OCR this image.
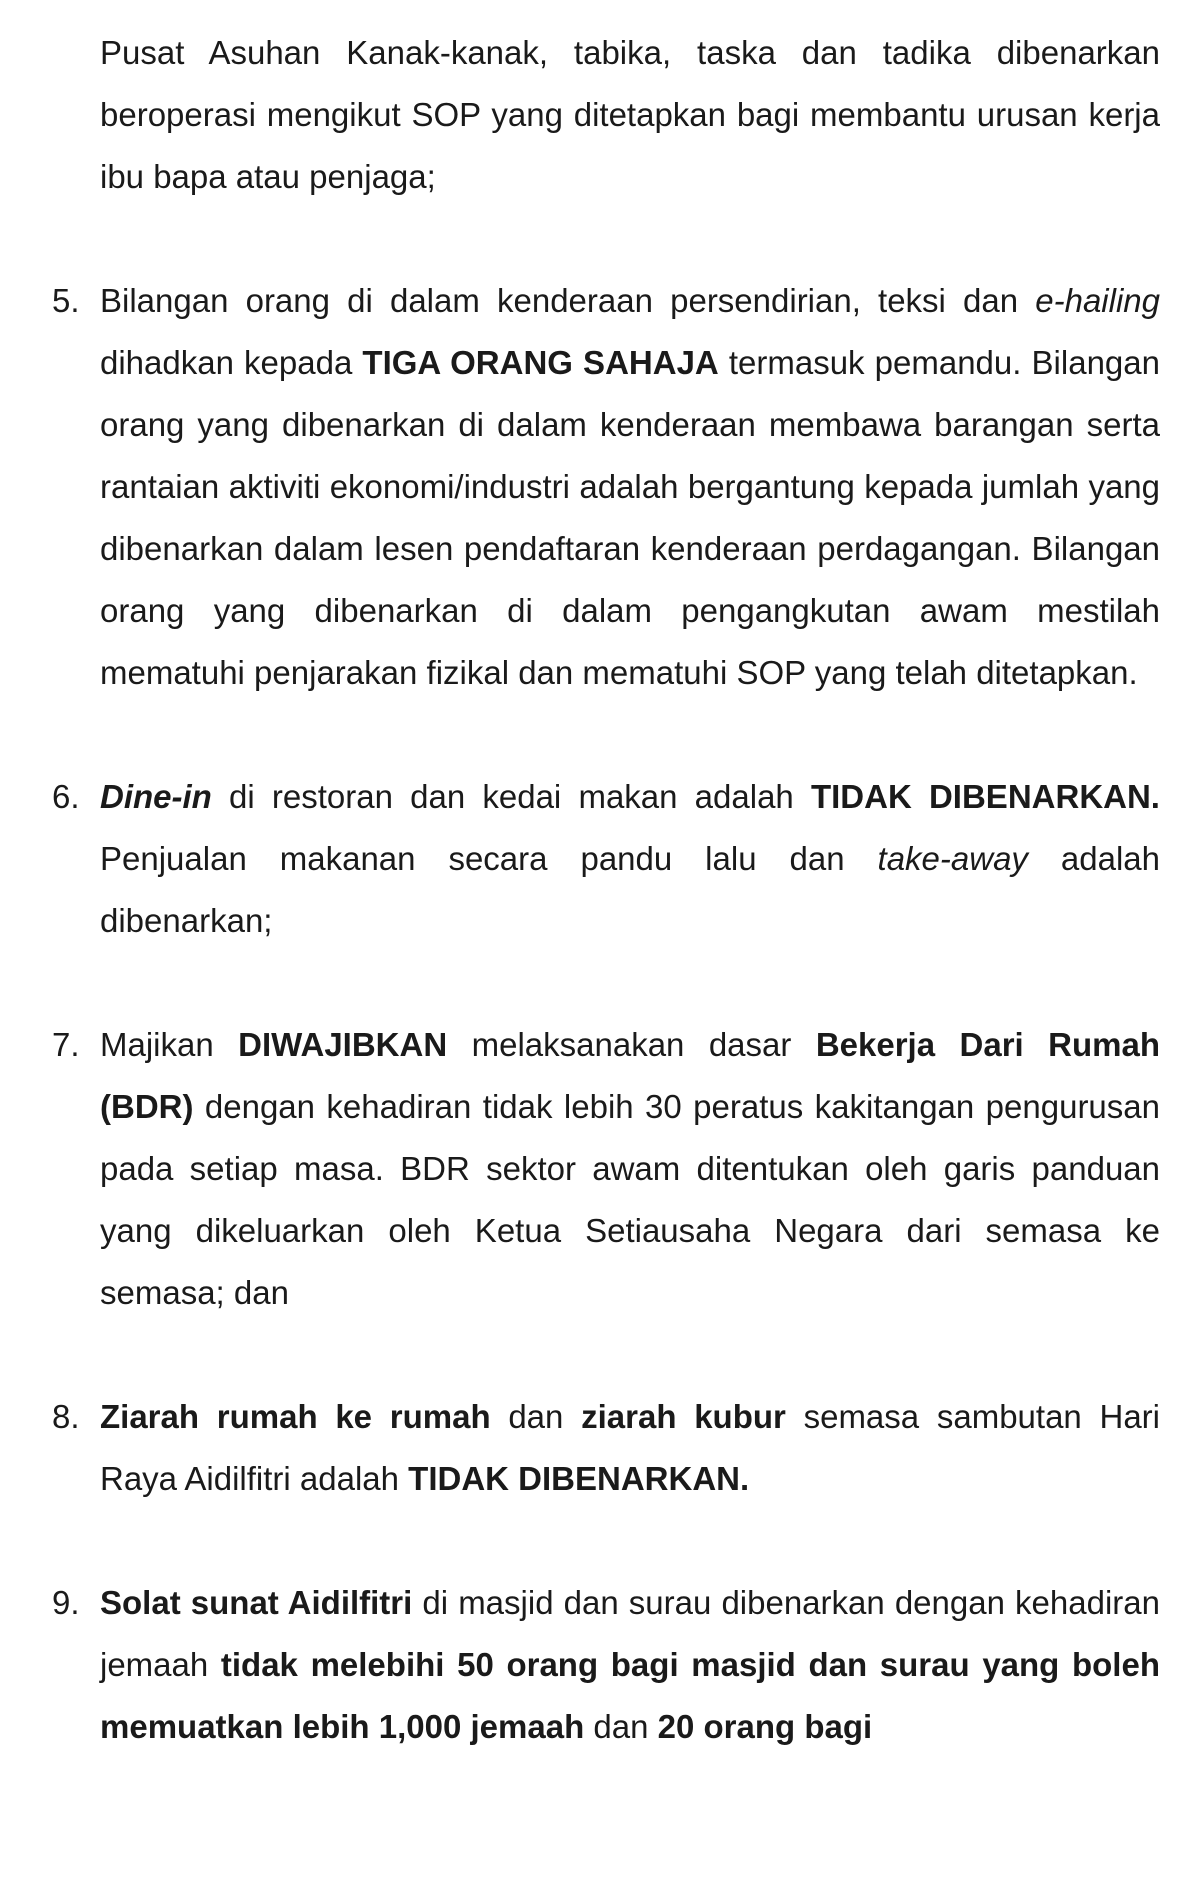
Pusat Asuhan Kanak-kanak, tabika, taska dan tadika dibenarkan beroperasi mengikut SOP yang ditetapkan bagi membantu urusan kerja ibu bapa atau penjaga;

5. Bilangan orang di dalam kenderaan persendirian, teksi dan e-hailing dihadkan kepada TIGA ORANG SAHAJA termasuk pemandu. Bilangan orang yang dibenarkan di dalam kenderaan membawa barangan serta rantaian aktiviti ekonomi/industri adalah bergantung kepada jumlah yang dibenarkan dalam lesen pendaftaran kenderaan perdagangan. Bilangan orang yang dibenarkan di dalam pengangkutan awam mestilah mematuhi penjarakan fizikal dan mematuhi SOP yang telah ditetapkan.
6. Dine-in di restoran dan kedai makan adalah TIDAK DIBENARKAN. Penjualan makanan secara pandu lalu dan take-away adalah dibenarkan;
7. Majikan DIWAJIBKAN melaksanakan dasar Bekerja Dari Rumah (BDR) dengan kehadiran tidak lebih 30 peratus kakitangan pengurusan pada setiap masa. BDR sektor awam ditentukan oleh garis panduan yang dikeluarkan oleh Ketua Setiausaha Negara dari semasa ke semasa; dan
8. Ziarah rumah ke rumah dan ziarah kubur semasa sambutan Hari Raya Aidilfitri adalah TIDAK DIBENARKAN.
9. Solat sunat Aidilfitri di masjid dan surau dibenarkan dengan kehadiran jemaah tidak melebihi 50 orang bagi masjid dan surau yang boleh memuatkan lebih 1,000 jemaah dan 20 orang bagi
